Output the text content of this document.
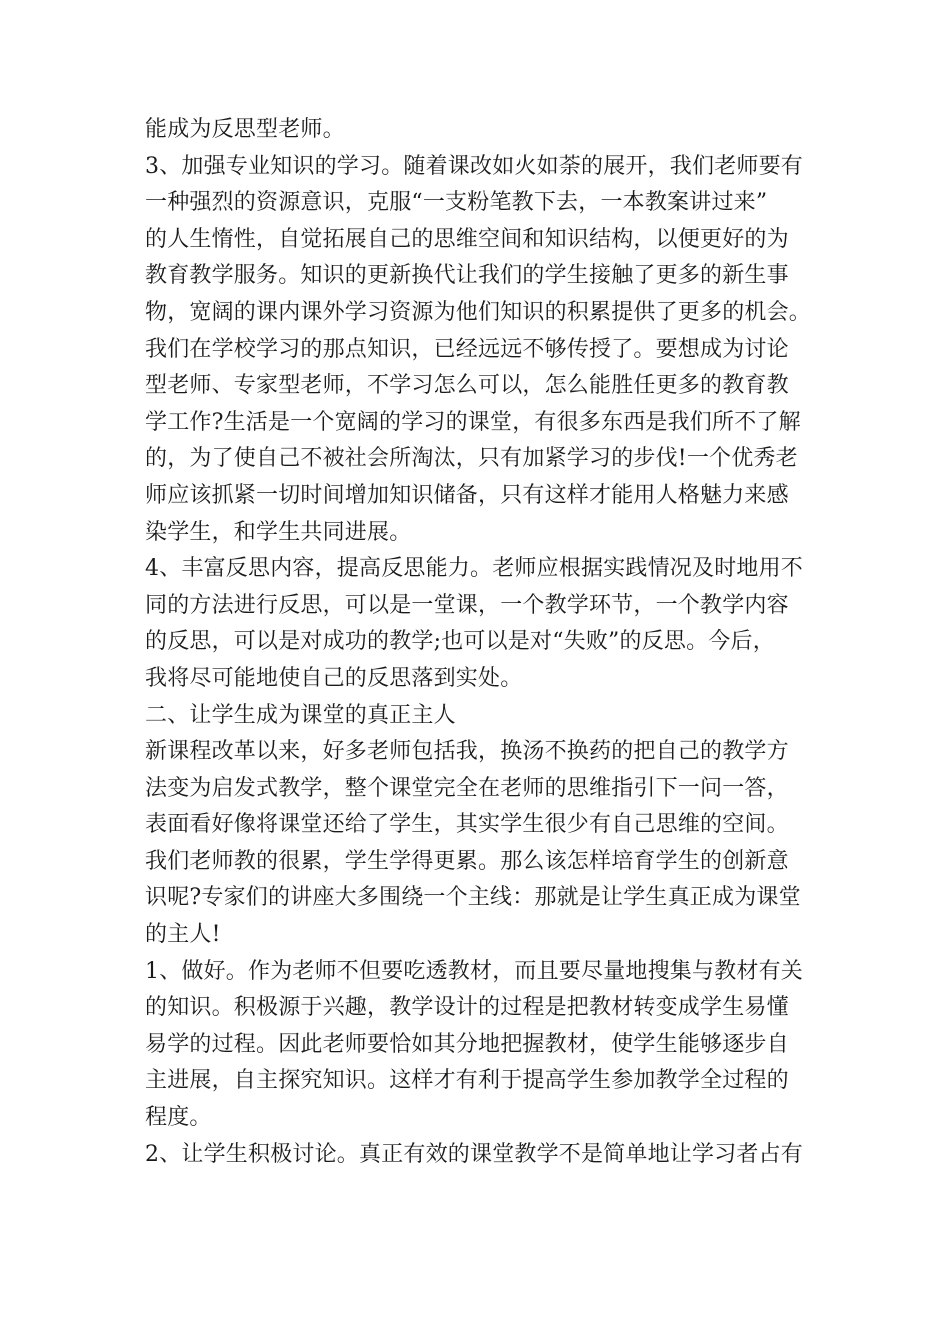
能成为反思型老师。
3、加强专业知识的学习。随着课改如火如荼的展开，我们老师要有
一种强烈的资源意识，克服“一支粉笔教下去，一本教案讲过来”
的人生惰性，自觉拓展自己的思维空间和知识结构，以便更好的为
教育教学服务。知识的更新换代让我们的学生接触了更多的新生事
物，宽阔的课内课外学习资源为他们知识的积累提供了更多的机会。
我们在学校学习的那点知识，已经远远不够传授了。要想成为讨论
型老师、专家型老师，不学习怎么可以，怎么能胜任更多的教育教
学工作?生活是一个宽阔的学习的课堂，有很多东西是我们所不了解
的，为了使自己不被社会所淘汰，只有加紧学习的步伐!一个优秀老
师应该抓紧一切时间增加知识储备，只有这样才能用人格魅力来感
染学生，和学生共同进展。
4、丰富反思内容，提高反思能力。老师应根据实践情况及时地用不
同的方法进行反思，可以是一堂课，一个教学环节，一个教学内容
的反思，可以是对成功的教学;也可以是对“失败”的反思。今后，
我将尽可能地使自己的反思落到实处。
二、让学生成为课堂的真正主人
新课程改革以来，好多老师包括我，换汤不换药的把自己的教学方
法变为启发式教学，整个课堂完全在老师的思维指引下一问一答，
表面看好像将课堂还给了学生，其实学生很少有自己思维的空间。
我们老师教的很累，学生学得更累。那么该怎样培育学生的创新意
识呢?专家们的讲座大多围绕一个主线：那就是让学生真正成为课堂
的主人!
1、做好。作为老师不但要吃透教材，而且要尽量地搜集与教材有关
的知识。积极源于兴趣，教学设计的过程是把教材转变成学生易懂
易学的过程。因此老师要恰如其分地把握教材，使学生能够逐步自
主进展，自主探究知识。这样才有利于提高学生参加教学全过程的
程度。
2、让学生积极讨论。真正有效的课堂教学不是简单地让学习者占有
